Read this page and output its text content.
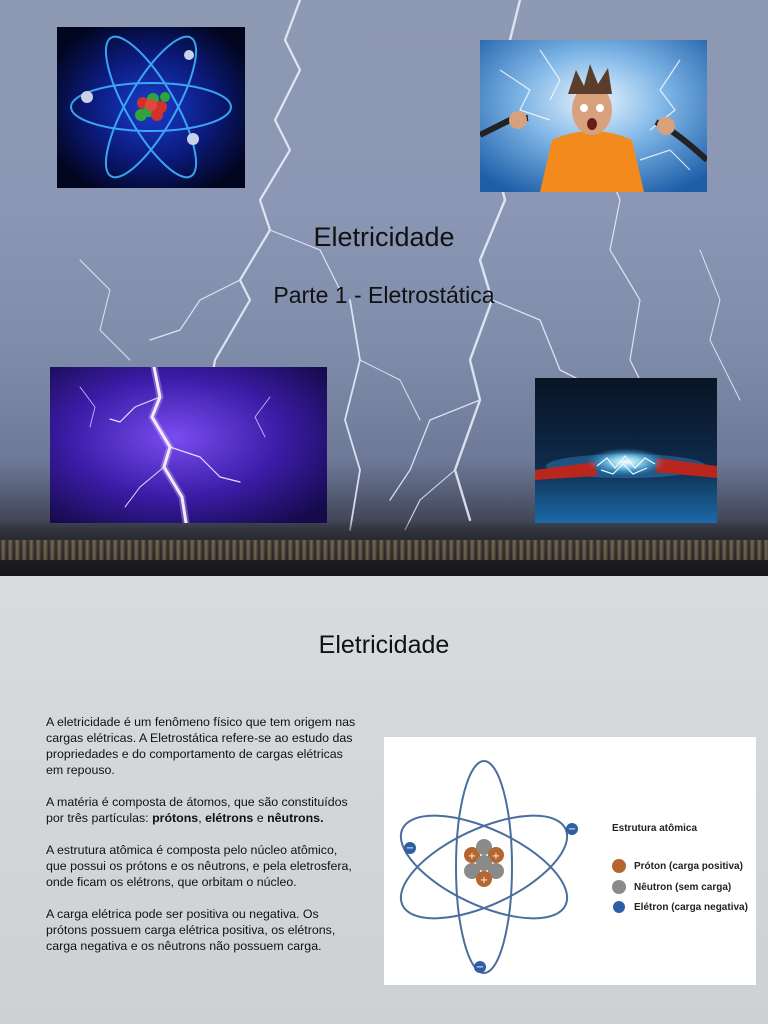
Eletricidade
Parte 1 - Eletrostática
Eletricidade

A eletricidade é um fenômeno físico que tem origem nas cargas elétricas. A Eletrostática refere-se ao estudo das propriedades e do comportamento de cargas elétricas em repouso.

A matéria é composta de átomos, que são constituídos por três partículas: prótons, elétrons e nêutrons.

A estrutura atômica é composta pelo núcleo atômico, que possui os prótons e os nêutrons, e pela eletrosfera, onde ficam os elétrons, que orbitam o núcleo.

A carga elétrica pode ser positiva ou negativa. Os prótons possuem carga elétrica positiva, os elétrons, carga negativa e os nêutrons não possuem carga.

+ +
+
−
−
−
Estrutura atômica
Próton (carga positiva)
Nêutron (sem carga)
Elétron (carga negativa)
